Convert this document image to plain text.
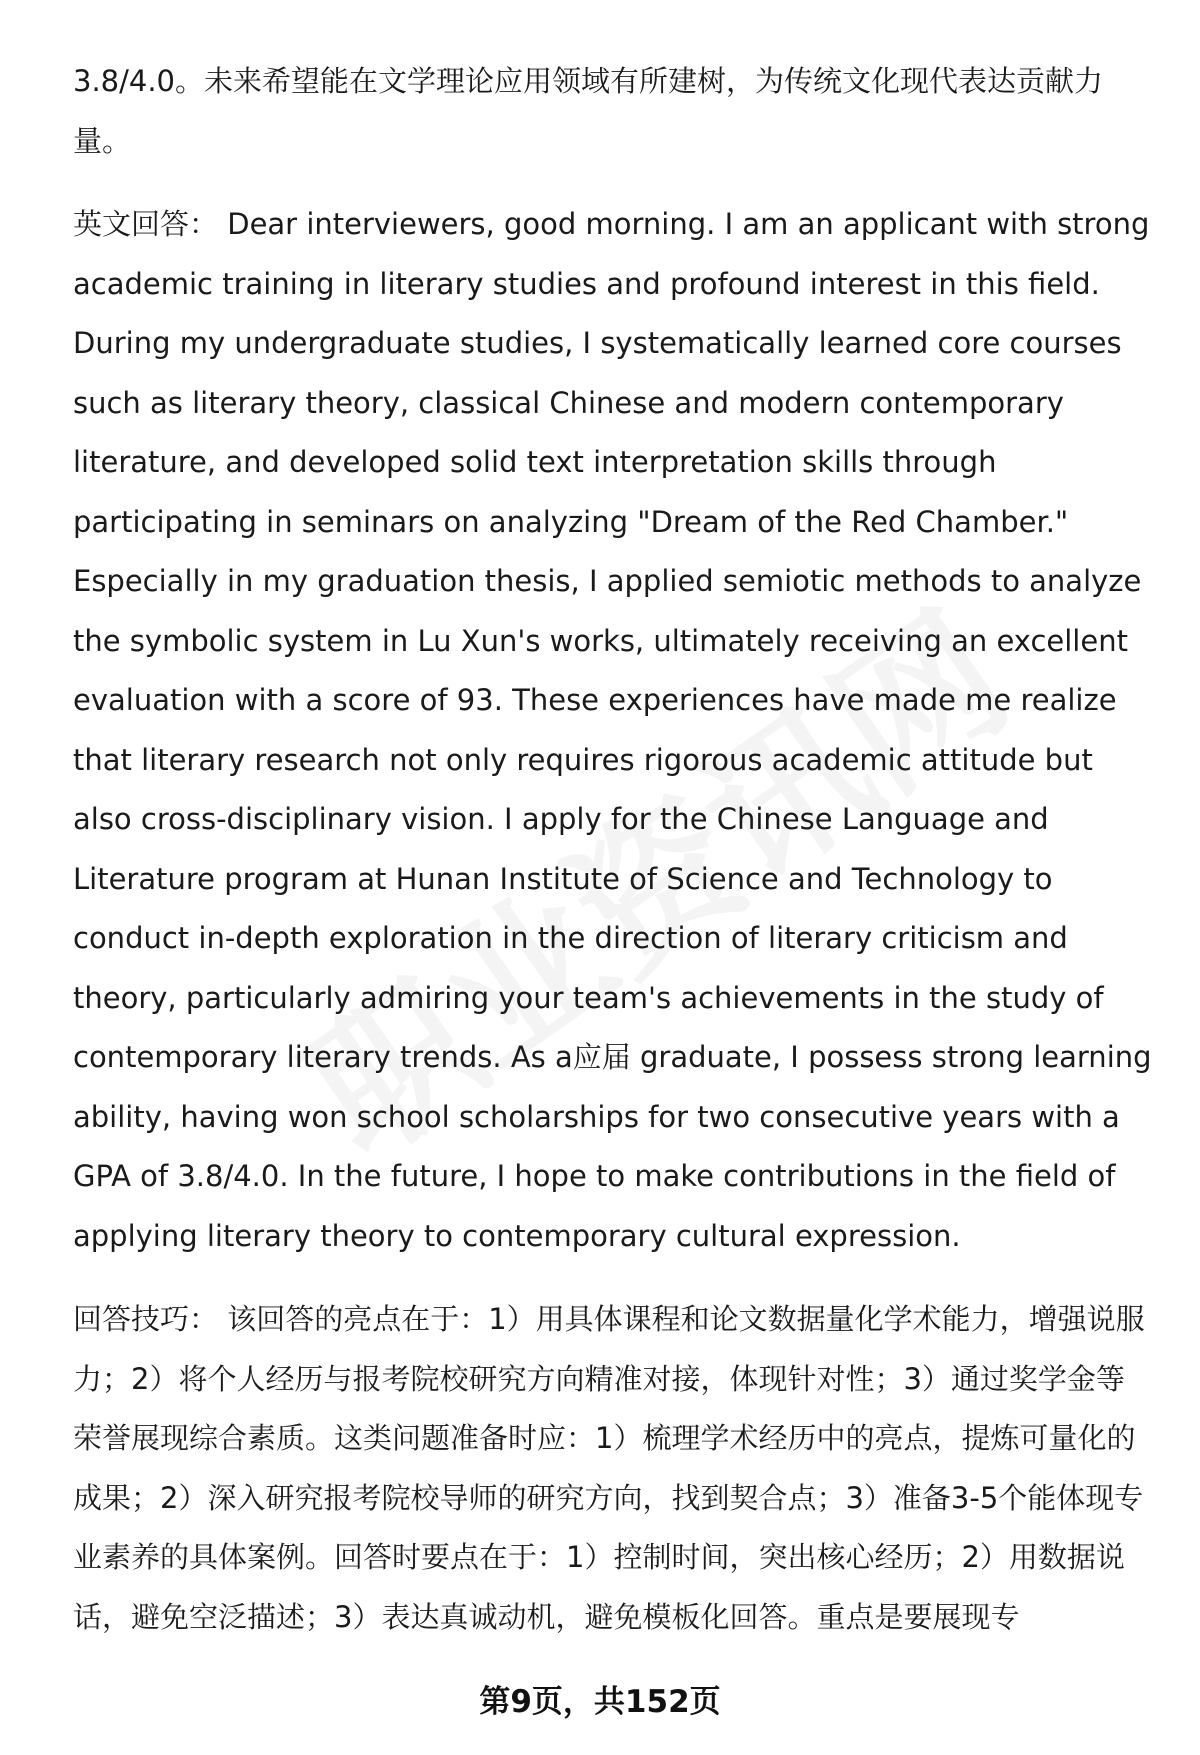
3.8/4.0。未来希望能在文学理论应用领域有所建树，为传统文化现代表达贡献力量。

英文回答： Dear interviewers, good morning. I am an applicant with strong academic training in literary studies and profound interest in this field. During my undergraduate studies, I systematically learned core courses such as literary theory, classical Chinese and modern contemporary literature, and developed solid text interpretation skills through participating in seminars on analyzing "Dream of the Red Chamber." Especially in my graduation thesis, I applied semiotic methods to analyze the symbolic system in Lu Xun's works, ultimately receiving an excellent evaluation with a score of 93. These experiences have made me realize that literary research not only requires rigorous academic attitude but also cross-disciplinary vision. I apply for the Chinese Language and Literature program at Hunan Institute of Science and Technology to conduct in-depth exploration in the direction of literary criticism and theory, particularly admiring your team's achievements in the study of contemporary literary trends. As a应届 graduate, I possess strong learning ability, having won school scholarships for two consecutive years with a GPA of 3.8/4.0. In the future, I hope to make contributions in the field of applying literary theory to contemporary cultural expression.

回答技巧： 该回答的亮点在于：1）用具体课程和论文数据量化学术能力，增强说服力；2）将个人经历与报考院校研究方向精准对接，体现针对性；3）通过奖学金等荣誉展现综合素质。这类问题准备时应：1）梳理学术经历中的亮点，提炼可量化的成果；2）深入研究报考院校导师的研究方向，找到契合点；3）准备3-5个能体现专业素养的具体案例。回答时要点在于：1）控制时间，突出核心经历；2）用数据说话，避免空泛描述；3）表达真诚动机，避免模板化回答。重点是要展现专

第9页，共152页
